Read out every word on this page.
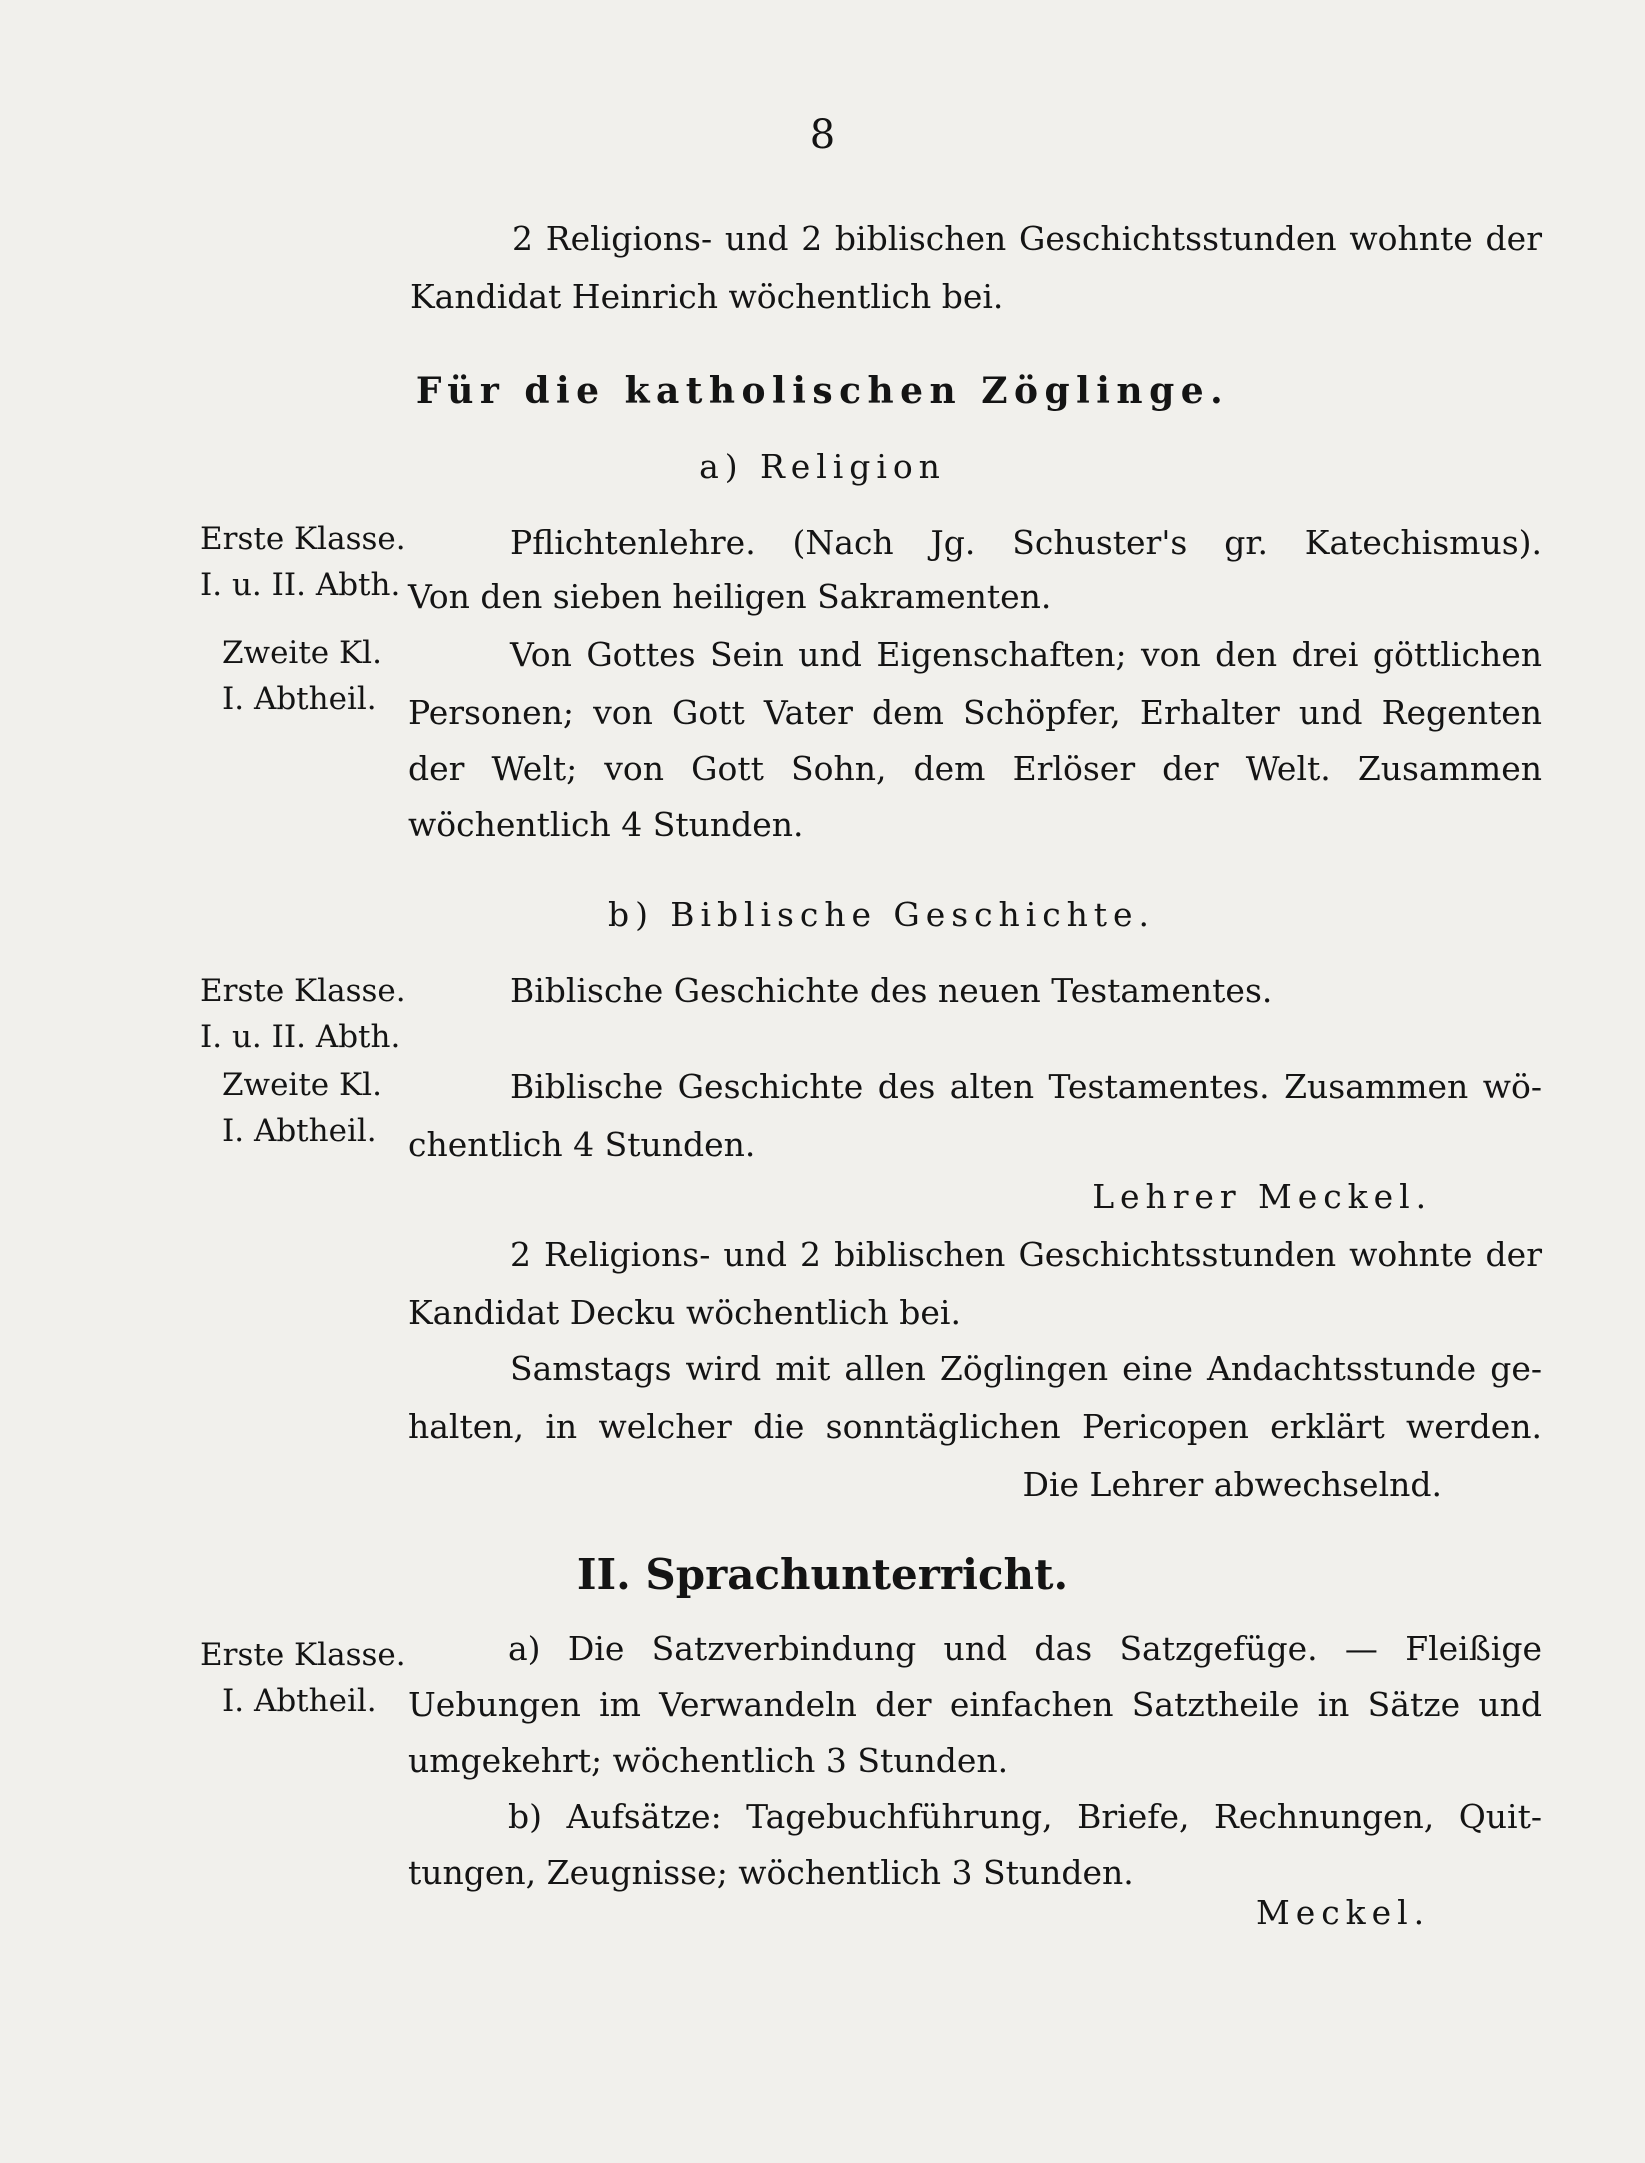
8
2 Religions- und 2 biblischen Geschichtsstunden wohnte der
Kandidat Heinrich wöchentlich bei.
Für die katholischen Zöglinge.
a) Religion
Erste Klasse.
I. u. II. Abth.
Pflichtenlehre. (Nach Jg. Schuster's gr. Katechismus).
Von den sieben heiligen Sakramenten.
Zweite Kl.
I. Abtheil.
Von Gottes Sein und Eigenschaften; von den drei göttlichen
Personen; von Gott Vater dem Schöpfer, Erhalter und Regenten
der Welt; von Gott Sohn, dem Erlöser der Welt. Zusammen
wöchentlich 4 Stunden.
b) Biblische Geschichte.
Erste Klasse.
I. u. II. Abth.
Biblische Geschichte des neuen Testamentes.
Zweite Kl.
I. Abtheil.
Biblische Geschichte des alten Testamentes. Zusammen wö-
chentlich 4 Stunden.
Lehrer Meckel.
2 Religions- und 2 biblischen Geschichtsstunden wohnte der
Kandidat Decku wöchentlich bei.
Samstags wird mit allen Zöglingen eine Andachtsstunde ge-
halten, in welcher die sonntäglichen Pericopen erklärt werden.
Die Lehrer abwechselnd.
II. Sprachunterricht.
Erste Klasse.
I. Abtheil.
a) Die Satzverbindung und das Satzgefüge. — Fleißige
Uebungen im Verwandeln der einfachen Satztheile in Sätze und
umgekehrt; wöchentlich 3 Stunden.
b) Aufsätze: Tagebuchführung, Briefe, Rechnungen, Quit-
tungen, Zeugnisse; wöchentlich 3 Stunden.
Meckel.
